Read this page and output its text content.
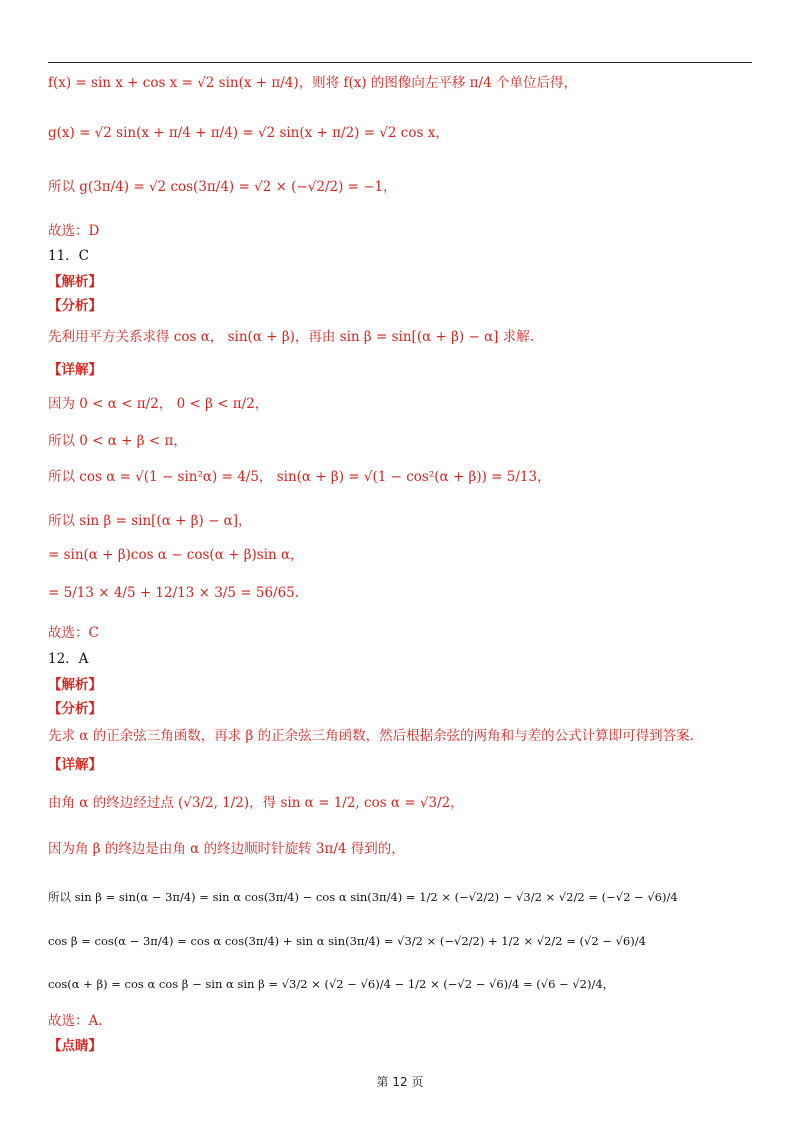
f(x) = sin x + cos x = √2 sin(x + π/4)，则将 f(x) 的图像向左平移 π/4 个单位后得，
g(x) = √2 sin(x + π/4 + π/4) = √2 sin(x + π/2) = √2 cos x，
所以 g(3π/4) = √2 cos(3π/4) = √2 × (−√2/2) = −1，
故选：D
11．C
【解析】
【分析】
先利用平方关系求得 cos α， sin(α + β)，再由 sin β = sin[(α + β) − α] 求解.
【详解】
因为 0 < α < π/2， 0 < β < π/2，
所以 0 < α + β < π，
所以 cos α = √(1 − sin²α) = 4/5， sin(α + β) = √(1 − cos²(α + β)) = 5/13，
所以 sin β = sin[(α + β) − α]，
= sin(α + β)cos α − cos(α + β)sin α，
= 5/13 × 4/5 + 12/13 × 3/5 = 56/65.
故选：C
12．A
【解析】
【分析】
先求 α 的正余弦三角函数，再求 β 的正余弦三角函数，然后根据余弦的两角和与差的公式计算即可得到答案.
【详解】
由角 α 的终边经过点 (√3/2, 1/2)，得 sin α = 1/2, cos α = √3/2，
因为角 β 的终边是由角 α 的终边顺时针旋转 3π/4 得到的，
所以 sin β = sin(α − 3π/4) = sin α cos(3π/4) − cos α sin(3π/4) = 1/2 × (−√2/2) − √3/2 × √2/2 = (−√2 − √6)/4
cos β = cos(α − 3π/4) = cos α cos(3π/4) + sin α sin(3π/4) = √3/2 × (−√2/2) + 1/2 × √2/2 = (√2 − √6)/4
cos(α + β) = cos α cos β − sin α sin β = √3/2 × (√2 − √6)/4 − 1/2 × (−√2 − √6)/4 = (√6 − √2)/4，
故选：A.
【点睛】
第 12 页
